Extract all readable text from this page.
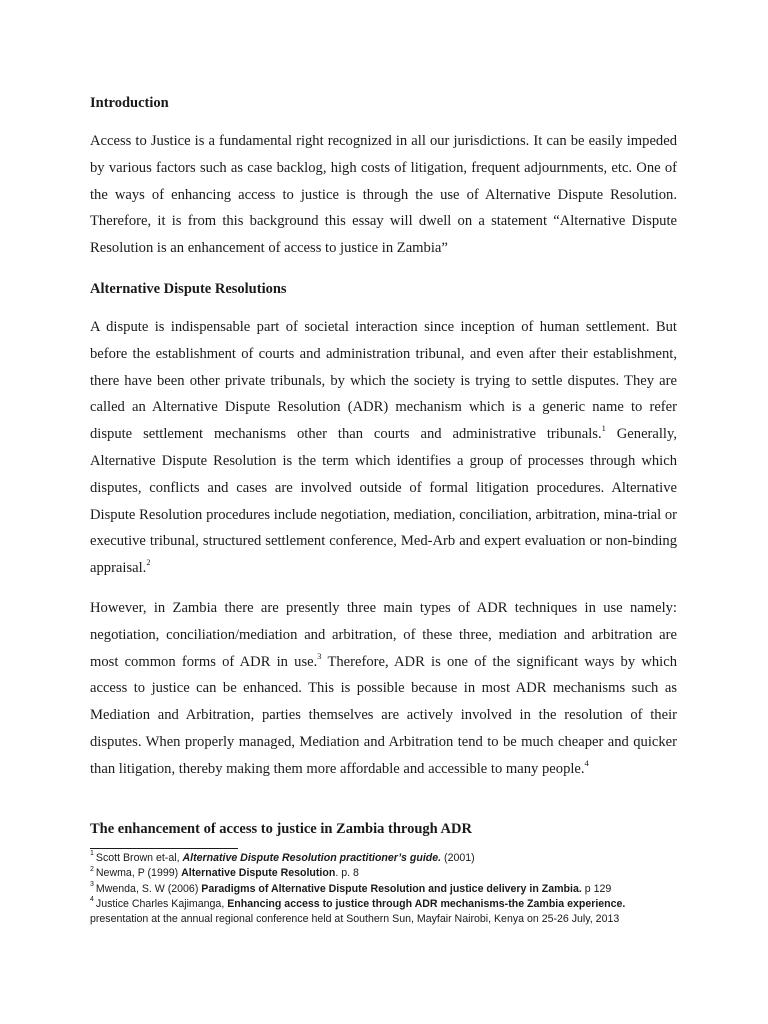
Introduction

Access to Justice is a fundamental right recognized in all our jurisdictions. It can be easily impeded by various factors such as case backlog, high costs of litigation, frequent adjournments, etc. One of the ways of enhancing access to justice is through the use of Alternative Dispute Resolution. Therefore, it is from this background this essay will dwell on a statement “Alternative Dispute Resolution is an enhancement of access to justice in Zambia”

Alternative Dispute Resolutions

A dispute is indispensable part of societal interaction since inception of human settlement. But before the establishment of courts and administration tribunal, and even after their establishment, there have been other private tribunals, by which the society is trying to settle disputes. They are called an Alternative Dispute Resolution (ADR) mechanism which is a generic name to refer dispute settlement mechanisms other than courts and administrative tribunals.$^1$ Generally, Alternative Dispute Resolution is the term which identifies a group of processes through which disputes, conflicts and cases are involved outside of formal litigation procedures. Alternative Dispute Resolution procedures include negotiation, mediation, conciliation, arbitration, mina-trial or executive tribunal, structured settlement conference, Med-Arb and expert evaluation or non-binding appraisal.$^2$

However, in Zambia there are presently three main types of ADR techniques in use namely: negotiation, conciliation/mediation and arbitration, of these three, mediation and arbitration are most common forms of ADR in use.$^3$ Therefore, ADR is one of the significant ways by which access to justice can be enhanced. This is possible because in most ADR mechanisms such as Mediation and Arbitration, parties themselves are actively involved in the resolution of their disputes. When properly managed, Mediation and Arbitration tend to be much cheaper and quicker than litigation, thereby making them more affordable and accessible to many people.$^4$

The enhancement of access to justice in Zambia through ADR
$^1$ Scott Brown et-al, Alternative Dispute Resolution practitioner’s guide. (2001)
$^2$ Newma, P (1999) Alternative Dispute Resolution. p. 8
$^3$ Mwenda, S. W (2006) Paradigms of Alternative Dispute Resolution and justice delivery in Zambia. p 129
$^4$ Justice Charles Kajimanga, Enhancing access to justice through ADR mechanisms-the Zambia experience.
presentation at the annual regional conference held at Southern Sun, Mayfair Nairobi, Kenya on 25-26 July, 2013
